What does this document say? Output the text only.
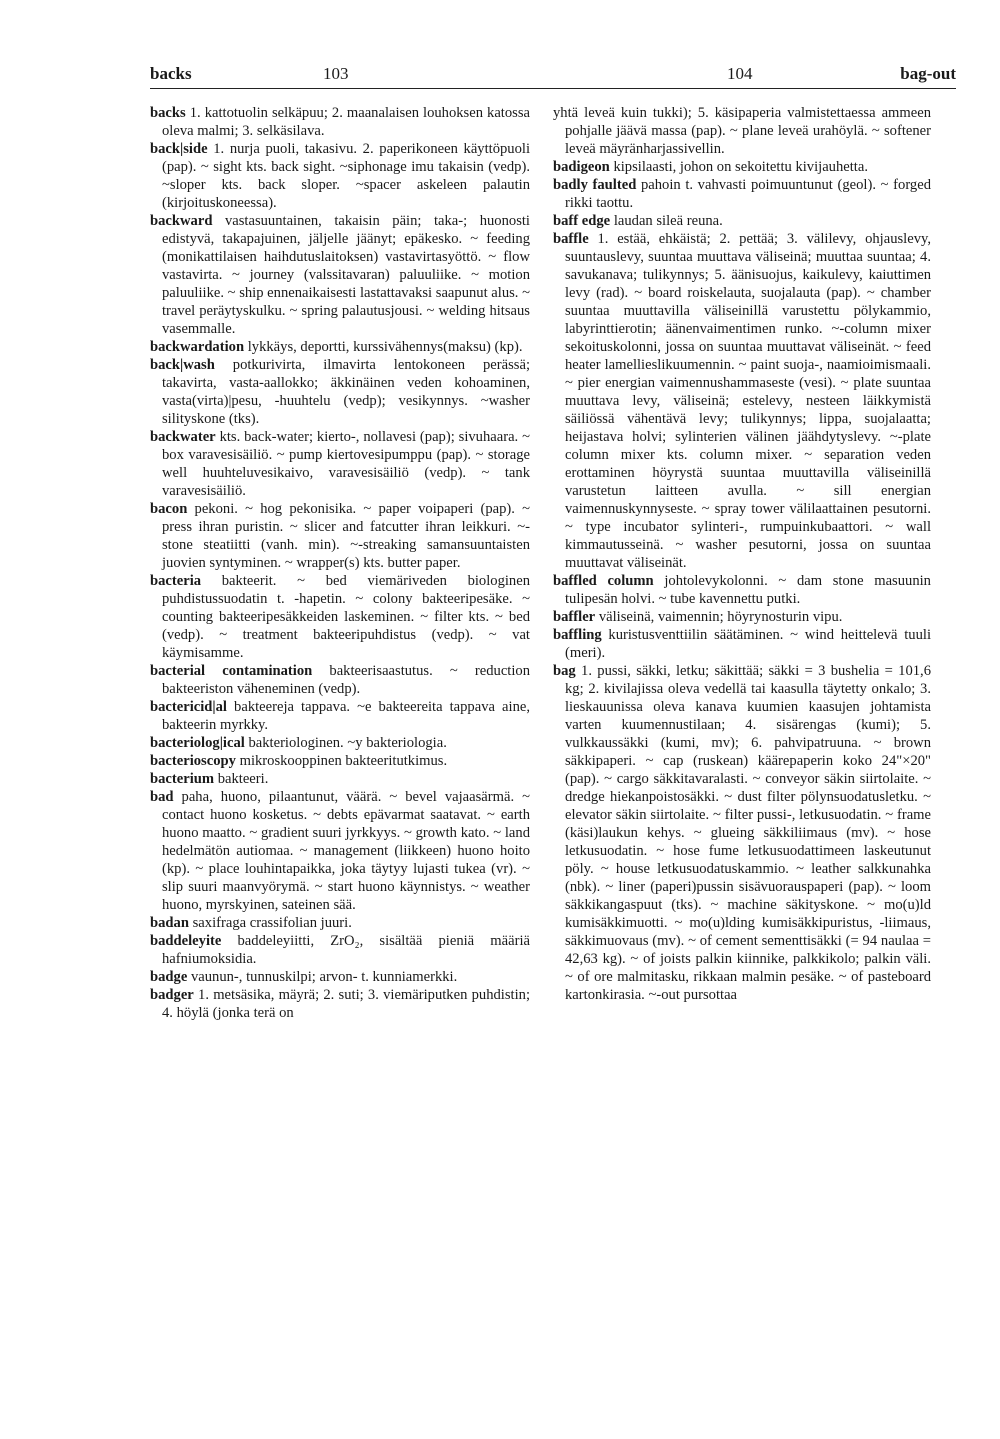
backs	103	104	bag-out

backs 1. kattotuolin selkäpuu; 2. maanalaisen louhoksen katossa oleva malmi; 3. selkäsilava.

back|side 1. nurja puoli, takasivu. 2. paperikoneen käyttöpuoli (pap). ~ sight kts. back sight. ~siphonage imu takaisin (vedp). ~sloper kts. back sloper. ~spacer askeleen palautin (kirjoituskoneessa).

backward vastasuuntainen, takaisin päin; taka-; huonosti edistyvä, takapajuinen, jäljelle jäänyt; epäkesko. ~ feeding (monikattilaisen haihdutuslaitoksen) vastavirtasyöttö. ~ flow vastavirta. ~ journey (valssitavaran) paluuliike. ~ motion paluuliike. ~ ship ennenaikaisesti lastattavaksi saapunut alus. ~ travel peräytyskulku. ~ spring palautusjousi. ~ welding hitsaus vasemmalle.

backwardation lykkäys, deportti, kurssivähennys(maksu) (kp).

back|wash potkurivirta, ilmavirta lentokoneen perässä; takavirta, vasta-aallokko; äkkinäinen veden kohoaminen, vasta(virta)|pesu, -huuhtelu (vedp); vesikynnys. ~washer silityskone (tks).

backwater kts. back-water; kierto-, nollavesi (pap); sivuhaara. ~ box varavesisäiliö. ~ pump kiertovesipumppu (pap). ~ storage well huuhteluvesikaivo, varavesisäiliö (vedp). ~ tank varavesisäiliö.

bacon pekoni. ~ hog pekonisika. ~ paper voipaperi (pap). ~ press ihran puristin. ~ slicer and fatcutter ihran leikkuri. ~-stone steatiitti (vanh. min). ~-streaking samansuuntaisten juovien syntyminen. ~ wrapper(s) kts. butter paper.

bacteria bakteerit. ~ bed viemäriveden biologinen puhdistussuodatin t. -hapetin. ~ colony bakteeripesäke. ~ counting bakteeripesäkkeiden laskeminen. ~ filter kts. ~ bed (vedp). ~ treatment bakteeripuhdistus (vedp). ~ vat käymisamme.

bacterial contamination bakteerisaastutus. ~ reduction bakteeriston väheneminen (vedp).

bactericid|al bakteereja tappava. ~e bakteereita tappava aine, bakteerin myrkky.

bacteriolog|ical bakteriologinen. ~y bakteriologia.

bacterioscopy mikroskooppinen bakteeritutkimus.

bacterium bakteeri.

bad paha, huono, pilaantunut, väärä. ~ bevel vajaasärmä. ~ contact huono kosketus. ~ debts epävarmat saatavat. ~ earth huono maatto. ~ gradient suuri jyrkkyys. ~ growth kato. ~ land hedelmätön autiomaa. ~ management (liikkeen) huono hoito (kp). ~ place louhintapaikka, joka täytyy lujasti tukea (vr). ~ slip suuri maanvyörymä. ~ start huono käynnistys. ~ weather huono, myrskyinen, sateinen sää.

badan saxifraga crassifolian juuri.

baddeleyite baddeleyiitti, ZrO₂, sisältää pieniä määriä hafniumoksidia.

badge vaunun-, tunnuskilpi; arvon- t. kunniamerkki.

badger 1. metsäsika, mäyrä; 2. suti; 3. viemäriputken puhdistin; 4. höylä (jonka terä on

yhtä leveä kuin tukki); 5. käsipaperia valmistettaessa ammeen pohjalle jäävä massa (pap). ~ plane leveä urahöylä. ~ softener leveä mäyränharjassivellin.

badigeon kipsilaasti, johon on sekoitettu kivijauhetta.

badly faulted pahoin t. vahvasti poimuuntunut (geol). ~ forged rikki taottu.

baff edge laudan sileä reuna.

baffle 1. estää, ehkäistä; 2. pettää; 3. välilevy, ohjauslevy, suuntauslevy, suuntaa muuttava väliseinä; muuttaa suuntaa; 4. savukanava; tulikynnys; 5. äänisuojus, kaikulevy, kaiuttimen levy (rad). ~ board roiskelauta, suojalauta (pap). ~ chamber suuntaa muuttavilla väliseinillä varustettu pölykammio, labyrinttierotin; äänenvaimentimen runko. ~-column mixer sekoituskolonni, jossa on suuntaa muuttavat väliseinät. ~ feed heater lamellieslikuumennin. ~ paint suoja-, naamioimismaali. ~ pier energian vaimennushammaseste (vesi). ~ plate suuntaa muuttava levy, väliseinä; estelevy, nesteen läikkymistä säiliössä vähentävä levy; tulikynnys; lippa, suojalaatta; heijastava holvi; sylinterien välinen jäähdytyslevy. ~-plate column mixer kts. column mixer. ~ separation veden erottaminen höyrystä suuntaa muuttavilla väliseinillä varustetun laitteen avulla. ~ sill energian vaimennuskynnyseste. ~ spray tower välilaattainen pesutorni. ~ type incubator sylinteri-, rumpuinkubaattori. ~ wall kimmautusseinä. ~ washer pesutorni, jossa on suuntaa muuttavat väliseinät.

baffled column johtolevykolonni. ~ dam stone masuunin tulipesän holvi. ~ tube kavennettu putki.

baffler väliseinä, vaimennin; höyrynosturin vipu.

baffling kuristusventtiilin säätäminen. ~ wind heittelevä tuuli (meri).

bag 1. pussi, säkki, letku; säkittää; säkki = 3 bushelia = 101,6 kg; 2. kivilajissa oleva vedellä tai kaasulla täytetty onkalo; 3. lieskauunissa oleva kanava kuumien kaasujen johtamista varten kuumennustilaan; 4. sisärengas (kumi); 5. vulkkaussäkki (kumi, mv); 6. pahvipatruuna. ~ brown säkkipaperi. ~ cap (ruskean) käärepaperin koko 24"×20" (pap). ~ cargo säkkitavaralasti. ~ conveyor säkin siirtolaite. ~ dredge hiekanpoistosäkki. ~ dust filter pölynsuodatusletku. ~ elevator säkin siirtolaite. ~ filter pussi-, letkusuodatin. ~ frame (käsi)laukun kehys. ~ glueing säkkiliimaus (mv). ~ hose letkusuodatin. ~ hose fume letkusuodattimeen laskeutunut pöly. ~ house letkusuodatuskammio. ~ leather salkkunahka (nbk). ~ liner (paperi)pussin sisävuorauspaperi (pap). ~ loom säkkikangaspuut (tks). ~ machine säkityskone. ~ mo(u)ld kumisäkkimuotti. ~ mo(u)lding kumisäkkipuristus, -liimaus, säkkimuovaus (mv). ~ of cement sementtisäkki (= 94 naulaa = 42,63 kg). ~ of joists palkin kiinnike, palkkikolo; palkin väli. ~ of ore malmitasku, rikkaan malmin pesäke. ~ of pasteboard kartonkirasia. ~-out pursottaa
